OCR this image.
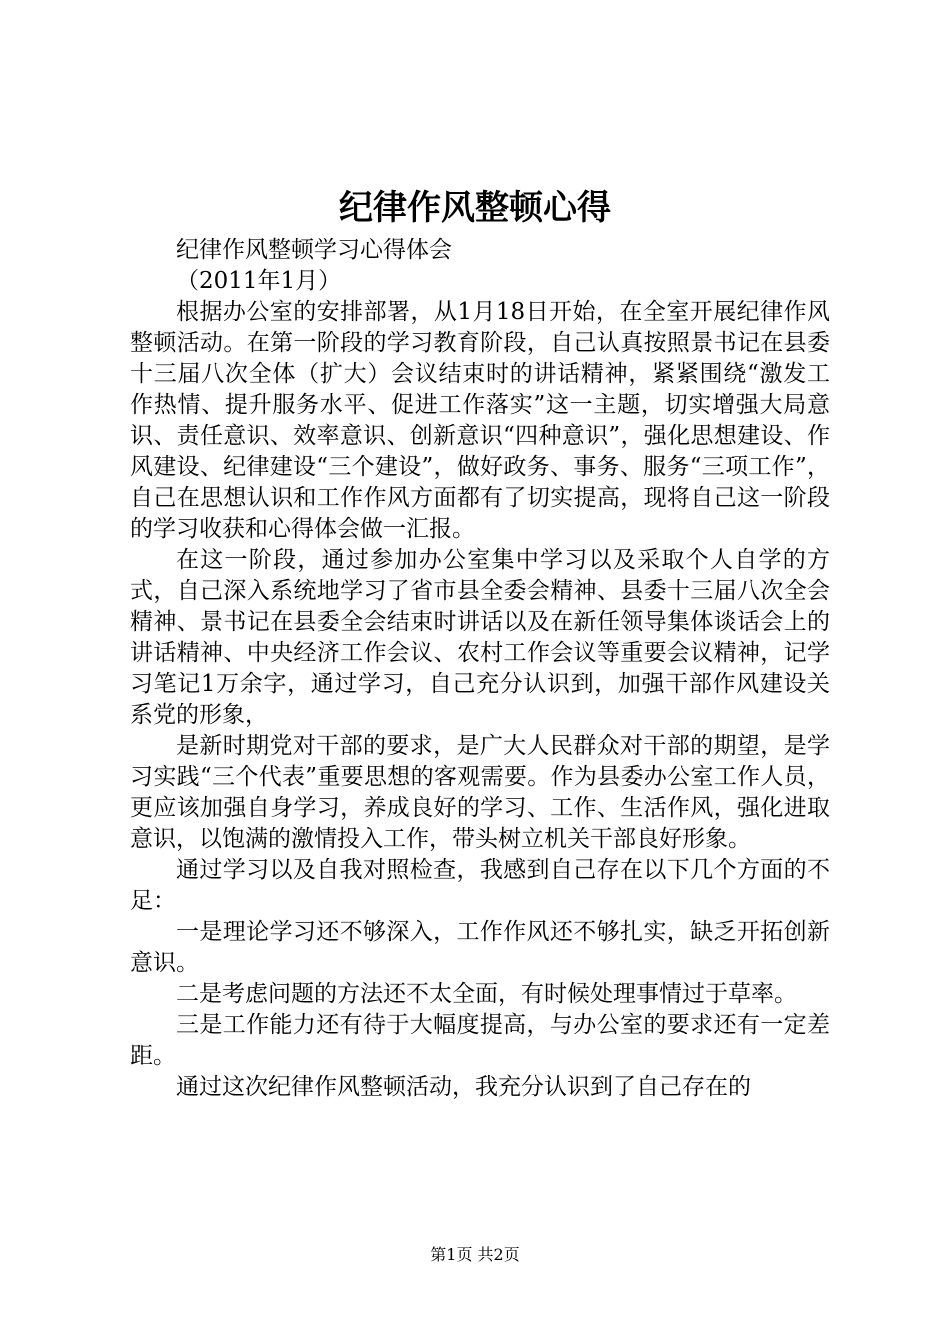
纪律作风整顿心得

纪律作风整顿学习心得体会

（2011年1月）

根据办公室的安排部署，从1月18日开始，在全室开展纪律作风整顿活动。在第一阶段的学习教育阶段，自己认真按照景书记在县委十三届八次全体（扩大）会议结束时的讲话精神，紧紧围绕“激发工作热情、提升服务水平、促进工作落实”这一主题，切实增强大局意识、责任意识、效率意识、创新意识“四种意识”，强化思想建设、作风建设、纪律建设“三个建设”，做好政务、事务、服务“三项工作”，自己在思想认识和工作作风方面都有了切实提高，现将自己这一阶段的学习收获和心得体会做一汇报。

在这一阶段，通过参加办公室集中学习以及采取个人自学的方式，自己深入系统地学习了省市县全委会精神、县委十三届八次全会精神、景书记在县委全会结束时讲话以及在新任领导集体谈话会上的讲话精神、中央经济工作会议、农村工作会议等重要会议精神，记学习笔记1万余字，通过学习，自己充分认识到，加强干部作风建设关系党的形象，

是新时期党对干部的要求，是广大人民群众对干部的期望，是学习实践“三个代表”重要思想的客观需要。作为县委办公室工作人员，更应该加强自身学习，养成良好的学习、工作、生活作风，强化进取意识，以饱满的激情投入工作，带头树立机关干部良好形象。

通过学习以及自我对照检查，我感到自己存在以下几个方面的不足：

一是理论学习还不够深入，工作作风还不够扎实，缺乏开拓创新意识。

二是考虑问题的方法还不太全面，有时候处理事情过于草率。

三是工作能力还有待于大幅度提高，与办公室的要求还有一定差距。

通过这次纪律作风整顿活动，我充分认识到了自己存在的

第1页 共2页
